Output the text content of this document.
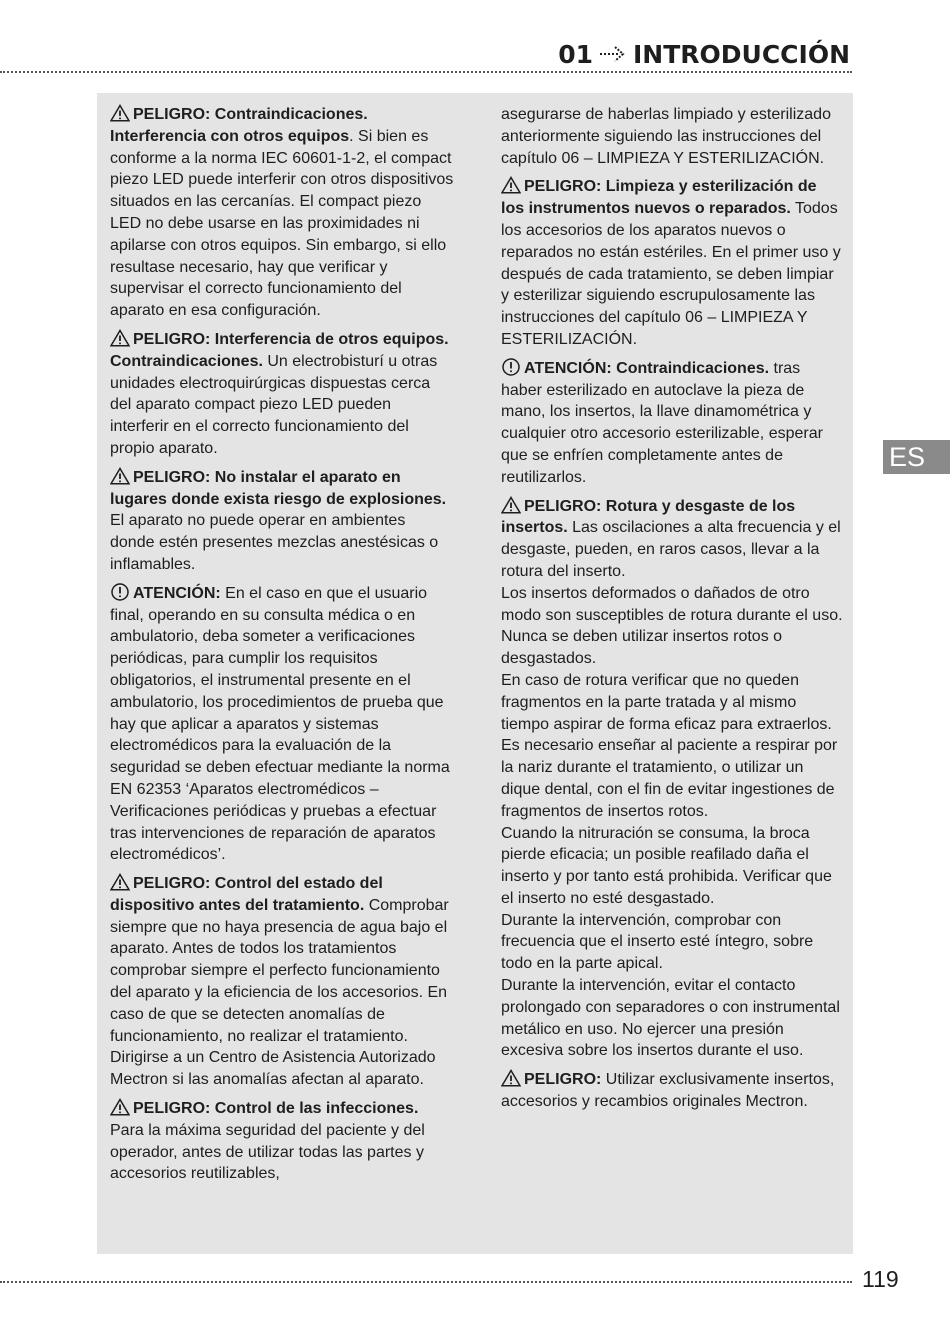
01 INTRODUCCIÓN
ES

PELIGRO: Contraindicaciones. Interferencia con otros equipos. Si bien es conforme a la norma IEC 60601-1-2, el compact piezo LED puede interferir con otros dispositivos situados en las cercanías. El compact piezo LED no debe usarse en las proximidades ni apilarse con otros equipos. Sin embargo, si ello resultase necesario, hay que verificar y supervisar el correcto funcionamiento del aparato en esa configuración.

PELIGRO: Interferencia de otros equipos. Contraindicaciones. Un electrobisturí u otras unidades electroquirúrgicas dispuestas cerca del aparato compact piezo LED pueden interferir en el correcto funcionamiento del propio aparato.

PELIGRO: No instalar el aparato en lugares donde exista riesgo de explosiones. El aparato no puede operar en ambientes donde estén presentes mezclas anestésicas o inflamables.

ATENCIÓN: En el caso en que el usuario final, operando en su consulta médica o en ambulatorio, deba someter a verificaciones periódicas, para cumplir los requisitos obligatorios, el instrumental presente en el ambulatorio, los procedimientos de prueba que hay que aplicar a aparatos y sistemas electromédicos para la evaluación de la seguridad se deben efectuar mediante la norma EN 62353 ‘Aparatos electromédicos – Verificaciones periódicas y pruebas a efectuar tras intervenciones de reparación de aparatos electromédicos’.

PELIGRO: Control del estado del dispositivo antes del tratamiento. Comprobar siempre que no haya presencia de agua bajo el aparato. Antes de todos los tratamientos comprobar siempre el perfecto funcionamiento del aparato y la eficiencia de los accesorios. En caso de que se detecten anomalías de funcionamiento, no realizar el tratamiento. Dirigirse a un Centro de Asistencia Autorizado Mectron si las anomalías afectan al aparato.

PELIGRO: Control de las infecciones. Para la máxima seguridad del paciente y del operador, antes de utilizar todas las partes y accesorios reutilizables,

asegurarse de haberlas limpiado y esterilizado anteriormente siguiendo las instrucciones del capítulo 06 – LIMPIEZA Y ESTERILIZACIÓN.

PELIGRO: Limpieza y esterilización de los instrumentos nuevos o reparados. Todos los accesorios de los aparatos nuevos o reparados no están estériles. En el primer uso y después de cada tratamiento, se deben limpiar y esterilizar siguiendo escrupulosamente las instrucciones del capítulo 06 – LIMPIEZA Y ESTERILIZACIÓN.

ATENCIÓN: Contraindicaciones. tras haber esterilizado en autoclave la pieza de mano, los insertos, la llave dinamométrica y cualquier otro accesorio esterilizable, esperar que se enfríen completamente antes de reutilizarlos.

PELIGRO: Rotura y desgaste de los insertos. Las oscilaciones a alta frecuencia y el desgaste, pueden, en raros casos, llevar a la rotura del inserto.
Los insertos deformados o dañados de otro modo son susceptibles de rotura durante el uso. Nunca se deben utilizar insertos rotos o desgastados.
En caso de rotura verificar que no queden fragmentos en la parte tratada y al mismo tiempo aspirar de forma eficaz para extraerlos.
Es necesario enseñar al paciente a respirar por la nariz durante el tratamiento, o utilizar un dique dental, con el fin de evitar ingestiones de fragmentos de insertos rotos.
Cuando la nitruración se consuma, la broca pierde eficacia; un posible reafilado daña el inserto y por tanto está prohibida. Verificar que el inserto no esté desgastado.
Durante la intervención, comprobar con frecuencia que el inserto esté íntegro, sobre todo en la parte apical.
Durante la intervención, evitar el contacto prolongado con separadores o con instrumental metálico en uso. No ejercer una presión excesiva sobre los insertos durante el uso.

PELIGRO: Utilizar exclusivamente insertos, accesorios y recambios originales Mectron.

119
